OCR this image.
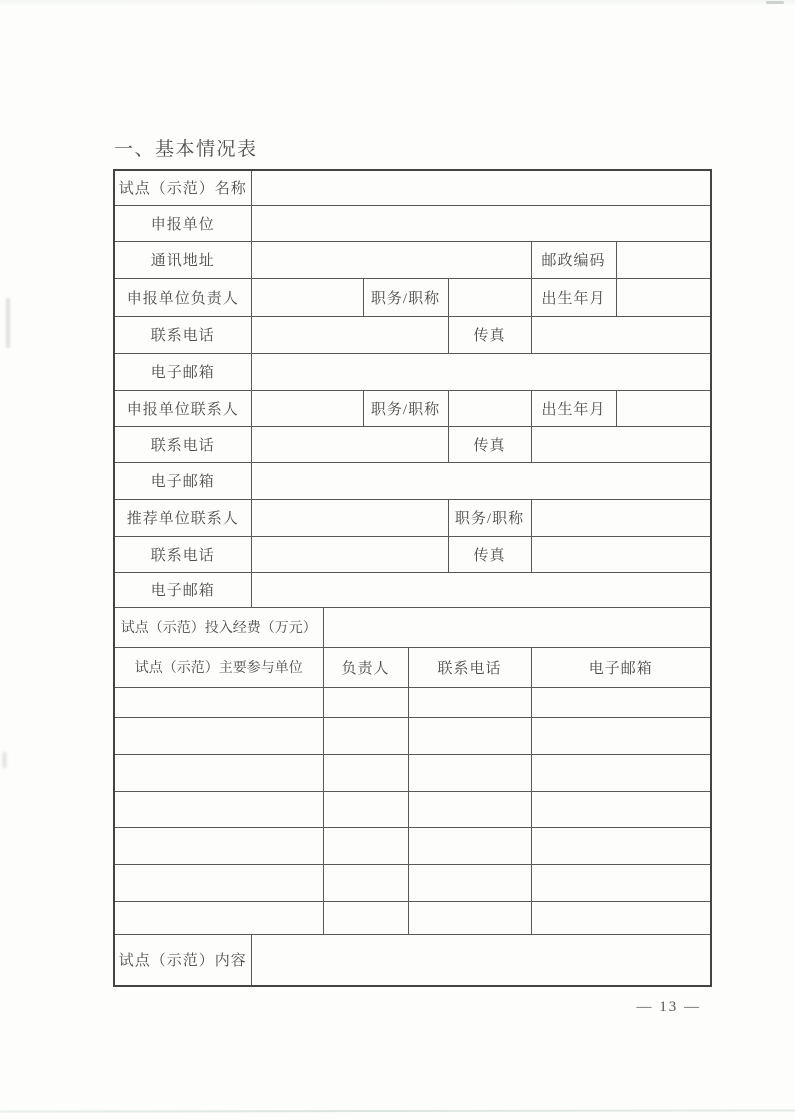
一、基本情况表
试点（示范）名称							
申报单位							
通讯地址						邮政编码	
申报单位负责人			职务/职称			出生年月	
联系电话					传真		
电子邮箱							
申报单位联系人			职务/职称			出生年月	
联系电话					传真		
电子邮箱							
推荐单位联系人					职务/职称		
联系电话					传真		
电子邮箱							
试点（示范）投入经费（万元）							
试点（示范）主要参与单位		负责人		联系电话		电子邮箱	

试点（示范）内容							
— 13 —
